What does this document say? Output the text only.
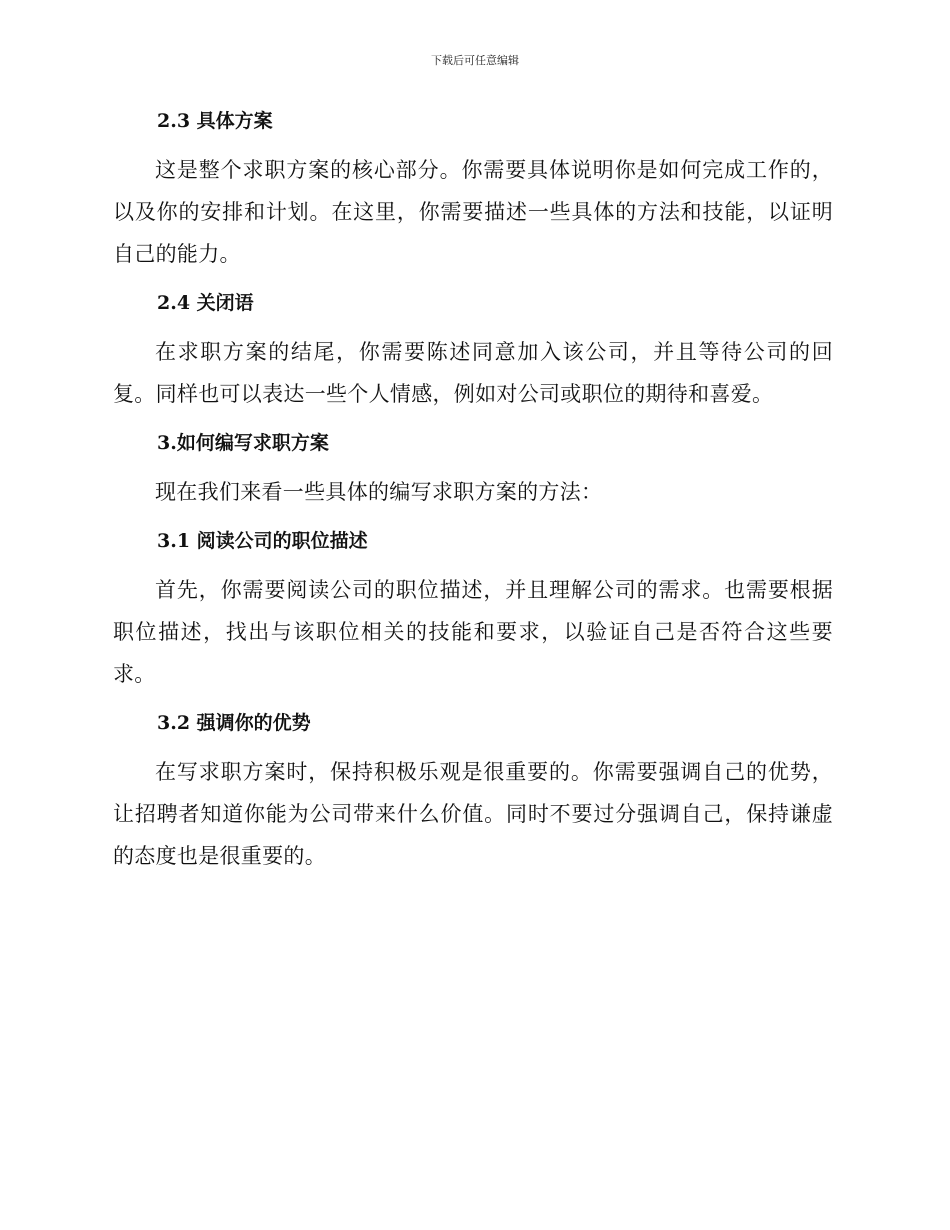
下载后可任意编辑
2.3 具体方案

这是整个求职方案的核心部分。你需要具体说明你是如何完成工作的，以及你的安排和计划。在这里，你需要描述一些具体的方法和技能，以证明自己的能力。

2.4 关闭语

在求职方案的结尾，你需要陈述同意加入该公司，并且等待公司的回复。同样也可以表达一些个人情感，例如对公司或职位的期待和喜爱。

3.如何编写求职方案

现在我们来看一些具体的编写求职方案的方法：

3.1 阅读公司的职位描述

首先，你需要阅读公司的职位描述，并且理解公司的需求。也需要根据职位描述，找出与该职位相关的技能和要求，以验证自己是否符合这些要求。

3.2 强调你的优势

在写求职方案时，保持积极乐观是很重要的。你需要强调自己的优势，让招聘者知道你能为公司带来什么价值。同时不要过分强调自己，保持谦虚的态度也是很重要的。
